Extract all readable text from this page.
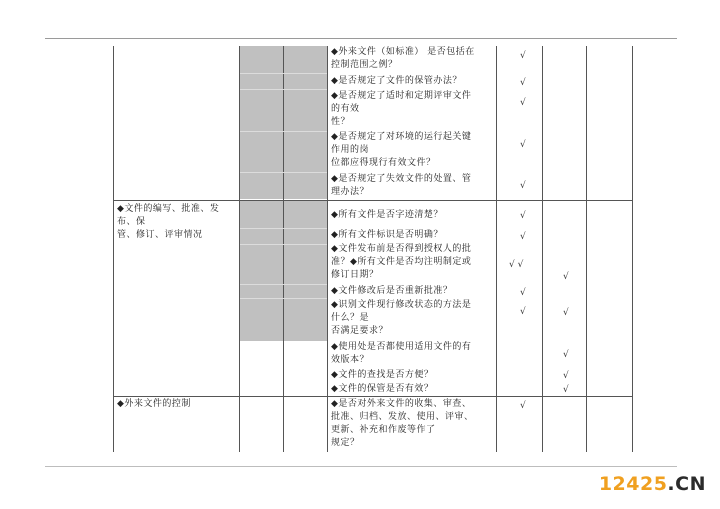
◆文件的编写、批准、发
布、保
管、修订、评审情况
◆外来文件的控制
◆外来文件（如标准） 是否包括在
控制范围之例？
◆是否规定了文件的保管办法？
◆是否规定了适时和定期评审文件
的有效
性？
◆是否规定了对环境的运行起关键
作用的岗
位都应得现行有效文件？
◆是否规定了失效文件的处置、管
理办法？
◆所有文件是否字迹清楚？
◆所有文件标识是否明确？
◆文件发布前是否得到授权人的批
准？◆所有文件是否均注明制定或
修订日期？
◆文件修改后是否重新批准？
◆识别文件现行修改状态的方法是
什么？是
否满足要求？
◆使用处是否都使用适用文件的有
效版本？
◆文件的查找是否方便？
◆文件的保管是否有效？
◆是否对外来文件的收集、审查、
批准、归档、发放、使用、评审、
更新、补充和作废等作了
规定？
√
√
√
√
√
√
√
√ √
√
√
√
√
√
√
√
√
12425.CN
